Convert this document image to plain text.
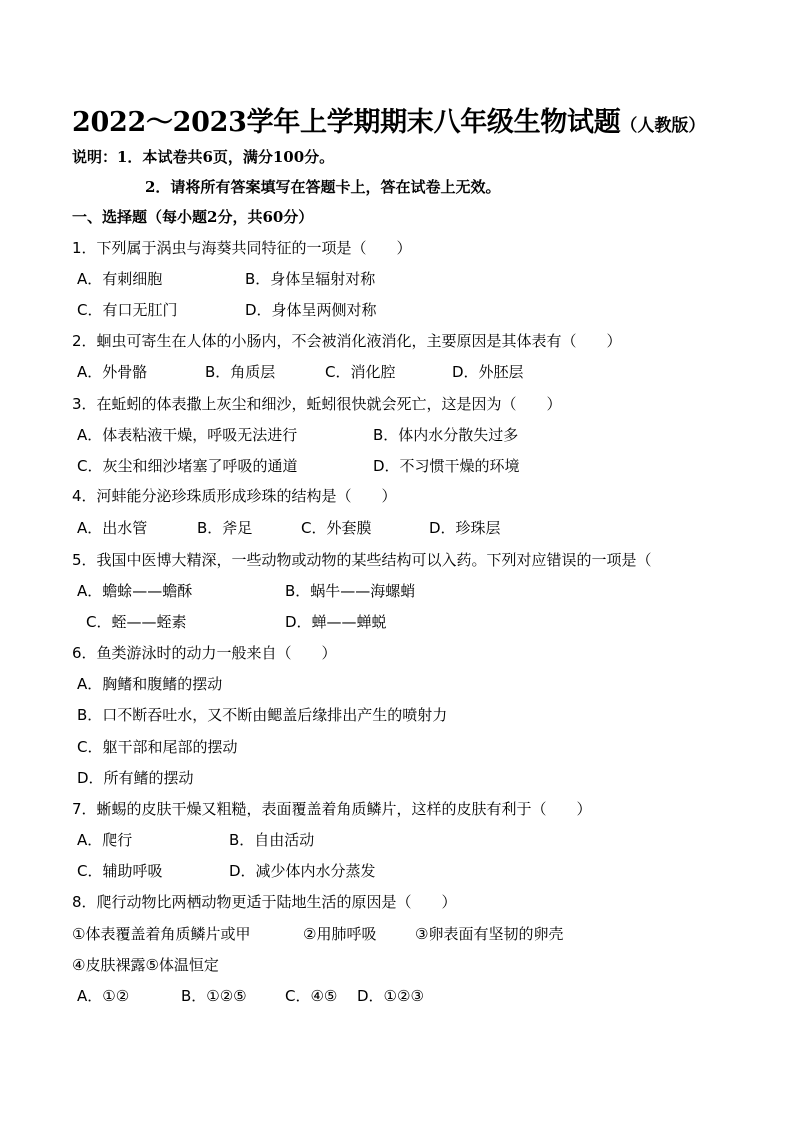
2022～2023学年上学期期末八年级生物试题（人教版）
说明：1．本试卷共6页，满分100分。
2．请将所有答案填写在答题卡上，答在试卷上无效。
一、选择题（每小题2分，共60分）
1．下列属于涡虫与海葵共同特征的一项是（　　）
A．有刺细胞	B．身体呈辐射对称
C．有口无肛门	D．身体呈两侧对称
2．蛔虫可寄生在人体的小肠内，不会被消化液消化，主要原因是其体表有（　　）
A．外骨骼	B．角质层	C．消化腔	D．外胚层
3．在蚯蚓的体表撒上灰尘和细沙，蚯蚓很快就会死亡，这是因为（　　）
A．体表粘液干燥，呼吸无法进行	B．体内水分散失过多
C．灰尘和细沙堵塞了呼吸的通道	D．不习惯干燥的环境
4．河蚌能分泌珍珠质形成珍珠的结构是（　　）
A．出水管	B．斧足	C．外套膜	D．珍珠层
5．我国中医博大精深，一些动物或动物的某些结构可以入药。下列对应错误的一项是（
A．蟾蜍——蟾酥	B．蜗牛——海螺蛸
C．蛭——蛭素	D．蝉——蝉蜕
6．鱼类游泳时的动力一般来自（　　）
A．胸鳍和腹鳍的摆动
B．口不断吞吐水，又不断由鳃盖后缘排出产生的喷射力
C．躯干部和尾部的摆动
D．所有鳍的摆动
7．蜥蜴的皮肤干燥又粗糙，表面覆盖着角质鳞片，这样的皮肤有利于（　　）
A．爬行	B．自由活动
C．辅助呼吸	D．减少体内水分蒸发
8．爬行动物比两栖动物更适于陆地生活的原因是（　　）
①体表覆盖着角质鳞片或甲	②用肺呼吸	③卵表面有坚韧的卵壳
④皮肤裸露⑤体温恒定
A．①②	B．①②⑤	C．④⑤ D．①②③
